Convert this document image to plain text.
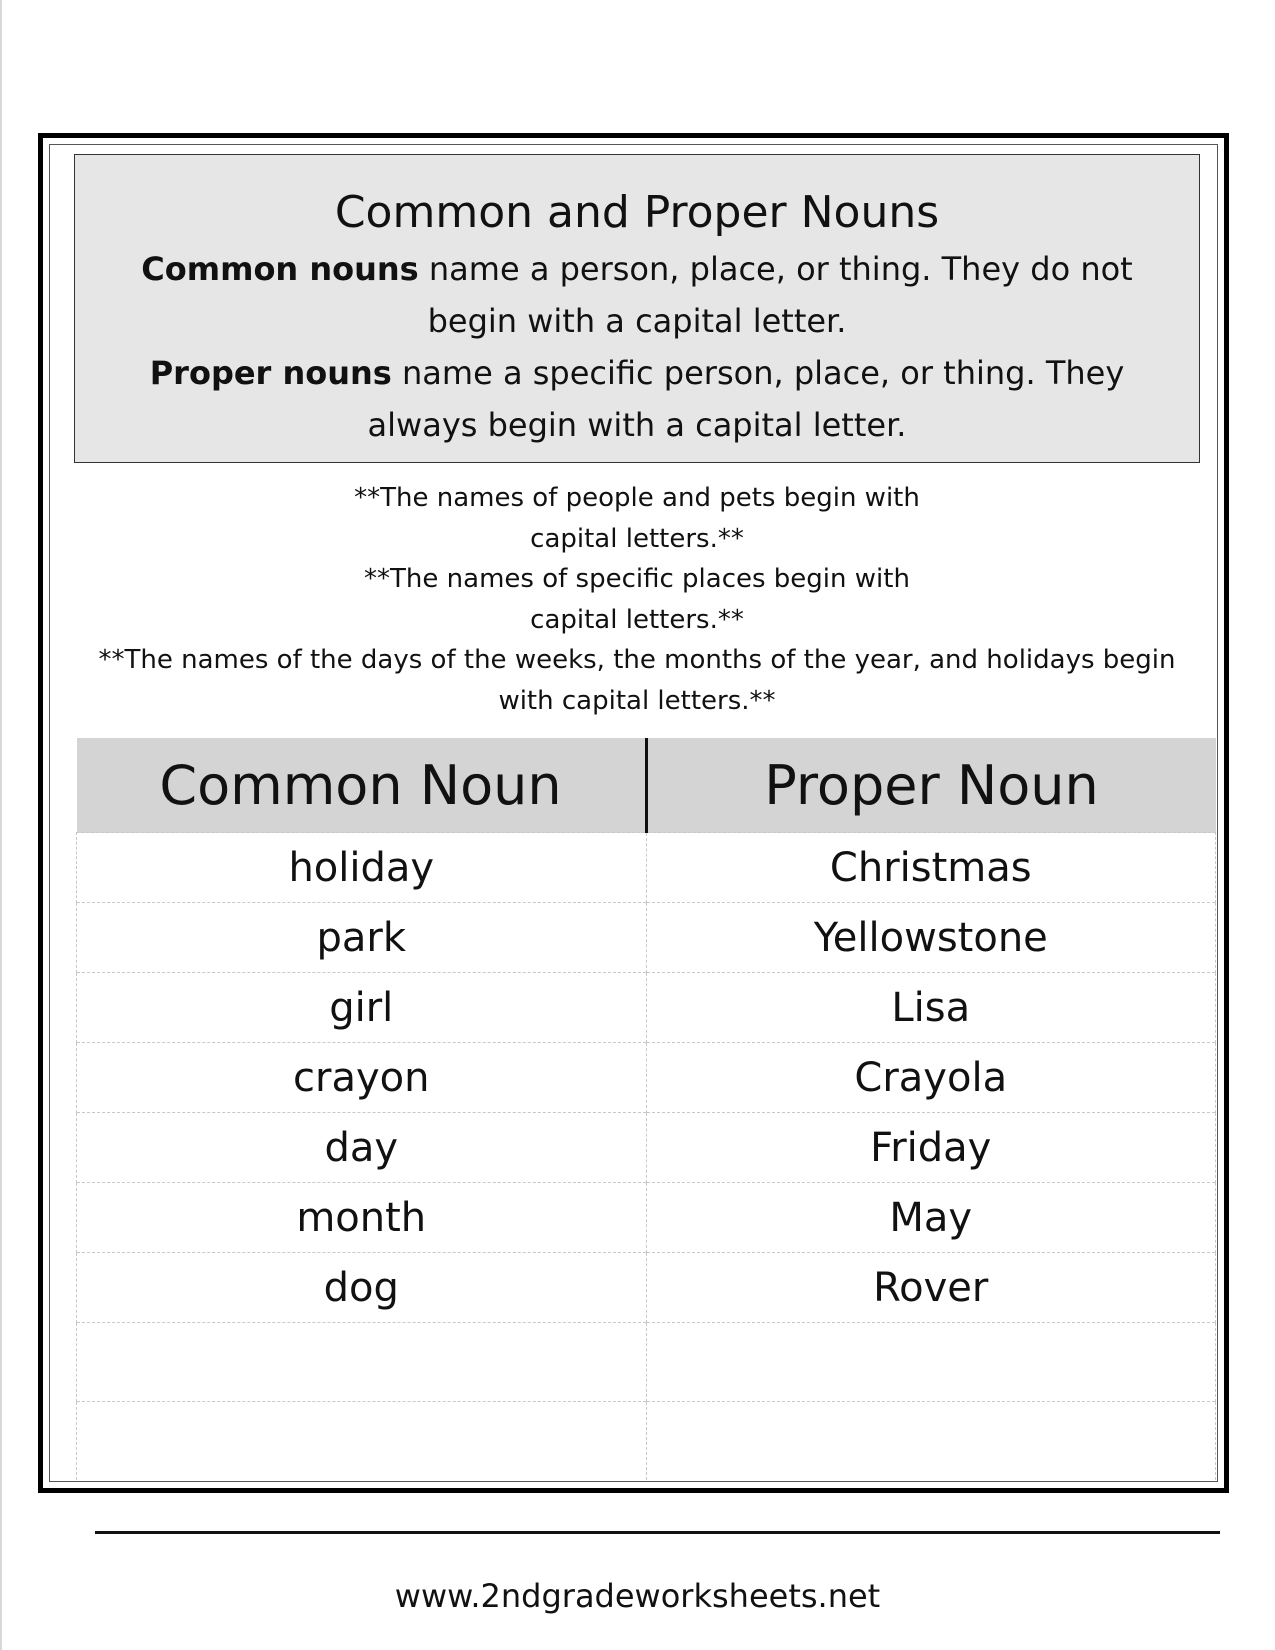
Common and Proper Nouns
Common nouns name a person, place, or thing. They do not
begin with a capital letter.
Proper nouns name a specific person, place, or thing. They
always begin with a capital letter.
**The names of people and pets begin with
capital letters.**
**The names of specific places begin with
capital letters.**
**The names of the days of the weeks, the months of the year, and holidays begin
with capital letters.**
Common Noun	Proper Noun
holiday	Christmas
park	Yellowstone
girl	Lisa
crayon	Crayola
day	Friday
month	May
dog	Rover

www.2ndgradeworksheets.net
